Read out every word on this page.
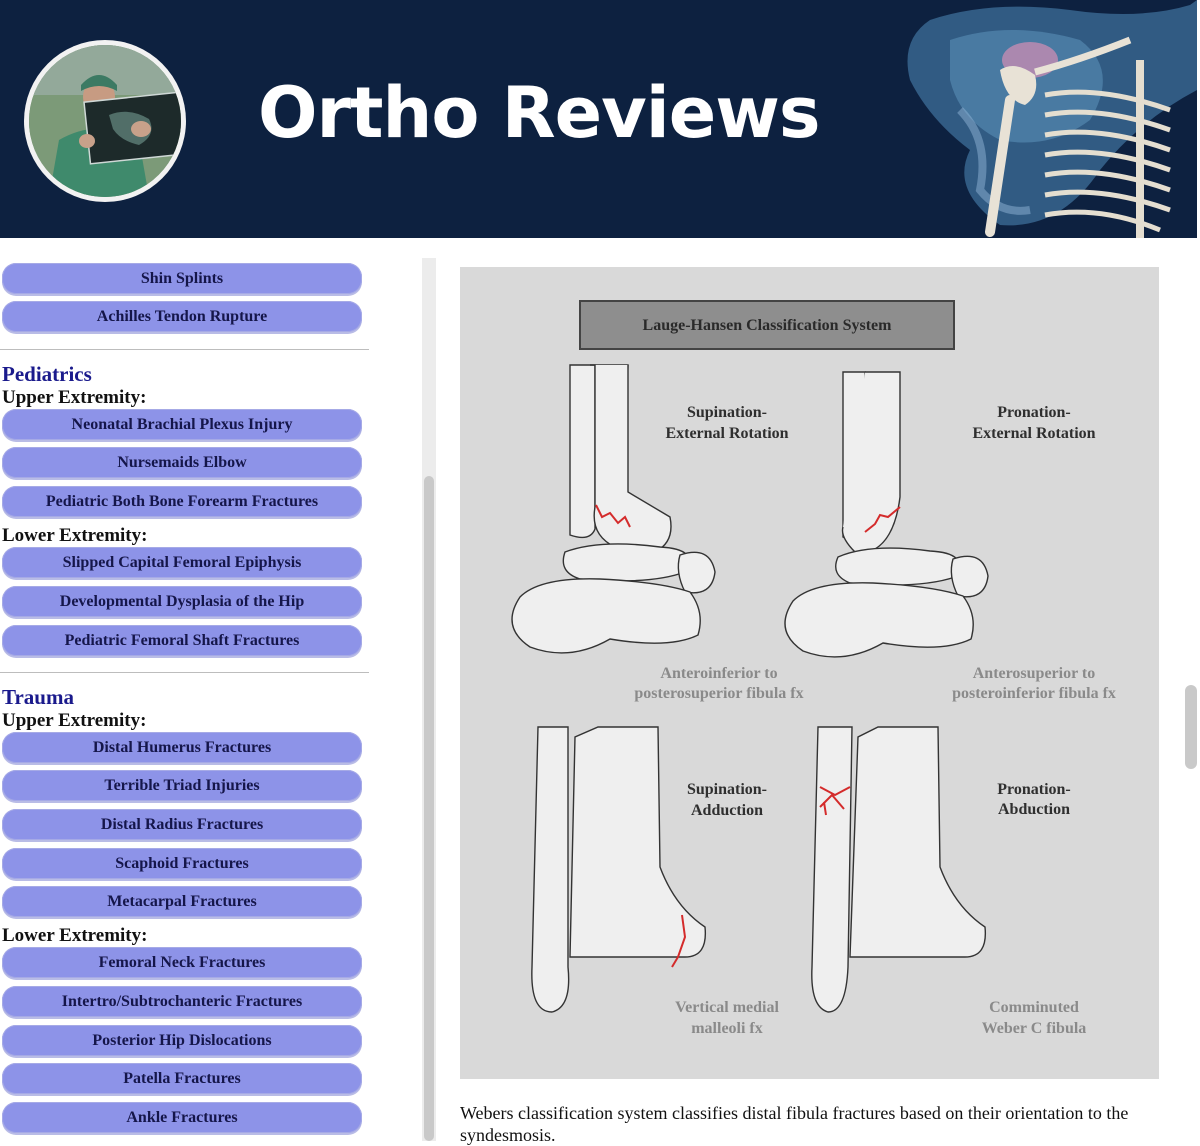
Ortho Reviews
Shin Splints
Achilles Tendon Rupture
Pediatrics
Upper Extremity:
Neonatal Brachial Plexus Injury
Nursemaids Elbow
Pediatric Both Bone Forearm Fractures
Lower Extremity:
Slipped Capital Femoral Epiphysis
Developmental Dysplasia of the Hip
Pediatric Femoral Shaft Fractures
Trauma
Upper Extremity:
Distal Humerus Fractures
Terrible Triad Injuries
Distal Radius Fractures
Scaphoid Fractures
Metacarpal Fractures
Lower Extremity:
Femoral Neck Fractures
Intertro/Subtrochanteric Fractures
Posterior Hip Dislocations
Patella Fractures
Ankle Fractures
Lauge-Hansen Classification System
Supination-
External Rotation
Pronation-
External Rotation
Supination-
Adduction
Pronation-
Abduction
Anteroinferior to
posterosuperior fibula fx
Anterosuperior to
posteroinferior fibula fx
Vertical medial
malleoli fx
Comminuted
Weber C fibula
Webers classification system classifies distal fibula fractures based on their orientation to the syndesmosis.
